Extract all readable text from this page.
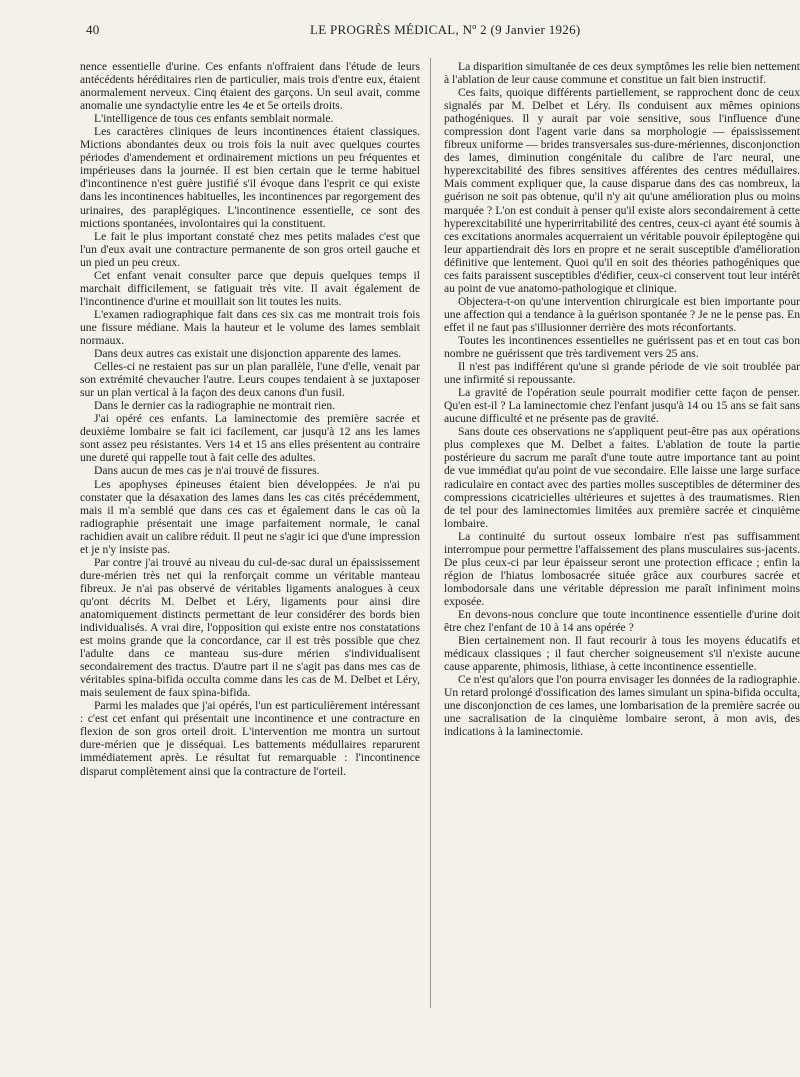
40	LE PROGRÈS MÉDICAL, Nº 2 (9 Janvier 1926)

nence essentielle d'urine. Ces enfants n'offraient dans l'étude de leurs antécédents héréditaires rien de particulier, mais trois d'entre eux, étaient anormalement nerveux. Cinq étaient des garçons. Un seul avait, comme anomalie une syndactylie entre les 4e et 5e orteils droits.

L'intelligence de tous ces enfants semblait normale.

Les caractères cliniques de leurs incontinences étaient classiques. Mictions abondantes deux ou trois fois la nuit avec quelques courtes périodes d'amendement et ordinairement mictions un peu fréquentes et impérieuses dans la journée. Il est bien certain que le terme habituel d'incontinence n'est guère justifié s'il évoque dans l'esprit ce qui existe dans les incontinences habituelles, les incontinences par regorgement des urinaires, des paraplégiques. L'incontinence essentielle, ce sont des mictions spontanées, involontaires qui la constituent.

Le fait le plus important constaté chez mes petits malades c'est que l'un d'eux avait une contracture permanente de son gros orteil gauche et un pied un peu creux.

Cet enfant venait consulter parce que depuis quelques temps il marchait difficilement, se fatiguait très vite. Il avait également de l'incontinence d'urine et mouillait son lit toutes les nuits.

L'examen radiographique fait dans ces six cas me montrait trois fois une fissure médiane. Mais la hauteur et le volume des lames semblait normaux.

Dans deux autres cas existait une disjonction apparente des lames.

Celles-ci ne restaient pas sur un plan parallèle, l'une d'elle, venait par son extrémité chevaucher l'autre. Leurs coupes tendaient à se juxtaposer sur un plan vertical à la façon des deux canons d'un fusil.

Dans le dernier cas la radiographie ne montrait rien.

J'ai opéré ces enfants. La laminectomie des première sacrée et deuxième lombaire se fait ici facilement, car jusqu'à 12 ans les lames sont assez peu résistantes. Vers 14 et 15 ans elles présentent au contraire une dureté qui rappelle tout à fait celle des adultes.

Dans aucun de mes cas je n'ai trouvé de fissures.

Les apophyses épineuses étaient bien développées. Je n'ai pu constater que la désaxation des lames dans les cas cités précédemment, mais il m'a semblé que dans ces cas et également dans le cas où la radiographie présentait une image parfaitement normale, le canal rachidien avait un calibre réduit. Il peut ne s'agir ici que d'une impression et je n'y insiste pas.

Par contre j'ai trouvé au niveau du cul-de-sac dural un épaississement dure-mérien très net qui la renforçait comme un véritable manteau fibreux. Je n'ai pas observé de véritables ligaments analogues à ceux qu'ont décrits M. Delbet et Léry, ligaments pour ainsi dire anatomiquement distincts permettant de leur considérer des bords bien individualisés. A vrai dire, l'opposition qui existe entre nos constatations est moins grande que la concordance, car il est très possible que chez l'adulte dans ce manteau sus-dure mérien s'individualisent secondairement des tractus. D'autre part il ne s'agit pas dans mes cas de véritables spina-bifida occulta comme dans les cas de M. Delbet et Léry, mais seulement de faux spina-bifida.

Parmi les malades que j'ai opérés, l'un est particulièrement intéressant : c'est cet enfant qui présentait une incontinence et une contracture en flexion de son gros orteil droit. L'intervention me montra un surtout dure-mérien que je disséquai. Les battements médullaires reparurent immédiatement après. Le résultat fut remarquable : l'incontinence disparut complètement ainsi que la contracture de l'orteil.

La disparition simultanée de ces deux symptômes les relie bien nettement à l'ablation de leur cause commune et constitue un fait bien instructif.

Ces faits, quoique différents partiellement, se rapprochent donc de ceux signalés par M. Delbet et Léry. Ils conduisent aux mêmes opinions pathogéniques. Il y aurait par voie sensitive, sous l'influence d'une compression dont l'agent varie dans sa morphologie — épaississement fibreux uniforme — brides transversales sus-dure-mériennes, disconjonction des lames, diminution congénitale du calibre de l'arc neural, une hyperexcitabilité des fibres sensitives afférentes des centres médullaires. Mais comment expliquer que, la cause disparue dans des cas nombreux, la guérison ne soit pas obtenue, qu'il n'y ait qu'une amélioration plus ou moins marquée ? L'on est conduit à penser qu'il existe alors secondairement à cette hyperexcitabilité une hyperirritabilité des centres, ceux-ci ayant été soumis à ces excitations anormales acquerraient un véritable pouvoir épileptogène qui leur appartiendrait dès lors en propre et ne serait susceptible d'amélioration définitive que lentement. Quoi qu'il en soit des théories pathogéniques que ces faits paraissent susceptibles d'édifier, ceux-ci conservent tout leur intérêt au point de vue anatomo-pathologique et clinique.

Objectera-t-on qu'une intervention chirurgicale est bien importante pour une affection qui a tendance à la guérison spontanée ? Je ne le pense pas. En effet il ne faut pas s'illusionner derrière des mots réconfortants.

Toutes les incontinences essentielles ne guérissent pas et en tout cas bon nombre ne guérissent que très tardivement vers 25 ans.

Il n'est pas indifférent qu'une si grande période de vie soit troublée par une infirmité si repoussante.

La gravité de l'opération seule pourrait modifier cette façon de penser. Qu'en est-il ? La laminectomie chez l'enfant jusqu'à 14 ou 15 ans se fait sans aucune difficulté et ne présente pas de gravité.

Sans doute ces observations ne s'appliquent peut-être pas aux opérations plus complexes que M. Delbet a faites. L'ablation de toute la partie postérieure du sacrum me paraît d'une toute autre importance tant au point de vue immédiat qu'au point de vue secondaire. Elle laisse une large surface radiculaire en contact avec des parties molles susceptibles de déterminer des compressions cicatricielles ultérieures et sujettes à des traumatismes. Rien de tel pour des laminectomies limitées aux première sacrée et cinquième lombaire.

La continuité du surtout osseux lombaire n'est pas suffisamment interrompue pour permettre l'affaissement des plans musculaires sus-jacents. De plus ceux-ci par leur épaisseur seront une protection efficace ; enfin la région de l'hiatus lombosacrée située grâce aux courbures sacrée et lombodorsale dans une véritable dépression me paraît infiniment moins exposée.

En devons-nous conclure que toute incontinence essentielle d'urine doit être chez l'enfant de 10 à 14 ans opérée ?

Bien certainement non. Il faut recourir à tous les moyens éducatifs et médicaux classiques ; il faut chercher soigneusement s'il n'existe aucune cause apparente, phimosis, lithiase, à cette incontinence essentielle.

Ce n'est qu'alors que l'on pourra envisager les données de la radiographie. Un retard prolongé d'ossification des lames simulant un spina-bifida occulta, une disconjonction de ces lames, une lombarisation de la première sacrée ou une sacralisation de la cinquième lombaire seront, à mon avis, des indications à la laminectomie.
